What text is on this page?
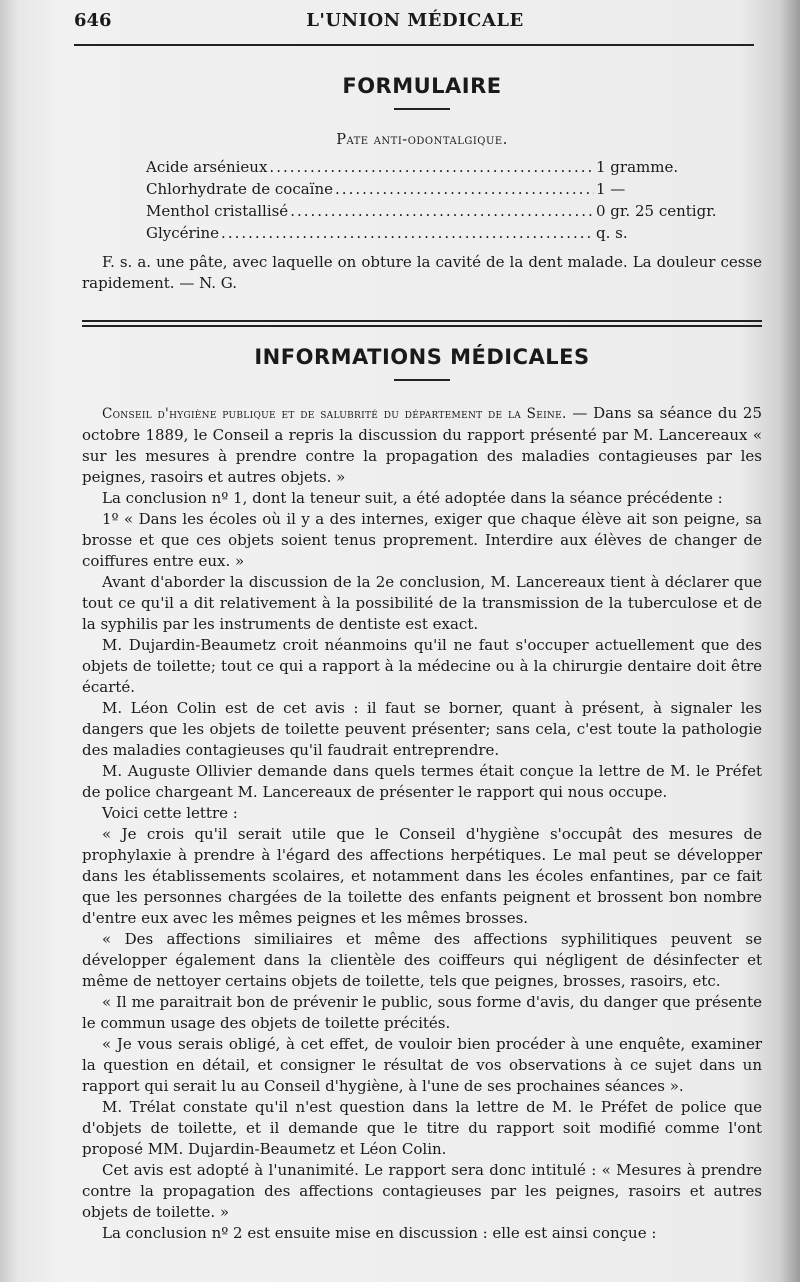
646	L'UNION MÉDICALE
FORMULAIRE
Pate anti-odontalgique.
Acide arsénieux .....	1 gramme.
Chlorhydrate de cocaïne .....	1 —
Menthol cristallisé .....	0 gr. 25 centigr.
Glycérine .....	q. s.

F. s. a. une pâte, avec laquelle on obture la cavité de la dent malade. La douleur cesse rapidement. — N. G.

INFORMATIONS MÉDICALES

Conseil d'hygiène publique et de salubrité du département de la Seine. — Dans sa séance du 25 octobre 1889, le Conseil a repris la discussion du rapport présenté par M. Lancereaux « sur les mesures à prendre contre la propagation des maladies contagieuses par les peignes, rasoirs et autres objets. »

La conclusion nº 1, dont la teneur suit, a été adoptée dans la séance précédente :

1º « Dans les écoles où il y a des internes, exiger que chaque élève ait son peigne, sa brosse et que ces objets soient tenus proprement. Interdire aux élèves de changer de coiffures entre eux. »

Avant d'aborder la discussion de la 2e conclusion, M. Lancereaux tient à déclarer que tout ce qu'il a dit relativement à la possibilité de la transmission de la tuberculose et de la syphilis par les instruments de dentiste est exact.

M. Dujardin-Beaumetz croit néanmoins qu'il ne faut s'occuper actuellement que des objets de toilette; tout ce qui a rapport à la médecine ou à la chirurgie dentaire doit être écarté.

M. Léon Colin est de cet avis : il faut se borner, quant à présent, à signaler les dangers que les objets de toilette peuvent présenter; sans cela, c'est toute la pathologie des maladies contagieuses qu'il faudrait entreprendre.

M. Auguste Ollivier demande dans quels termes était conçue la lettre de M. le Préfet de police chargeant M. Lancereaux de présenter le rapport qui nous occupe.

Voici cette lettre :

« Je crois qu'il serait utile que le Conseil d'hygiène s'occupât des mesures de prophylaxie à prendre à l'égard des affections herpétiques. Le mal peut se développer dans les établissements scolaires, et notamment dans les écoles enfantines, par ce fait que les personnes chargées de la toilette des enfants peignent et brossent bon nombre d'entre eux avec les mêmes peignes et les mêmes brosses.

« Des affections similiaires et même des affections syphilitiques peuvent se développer également dans la clientèle des coiffeurs qui négligent de désinfecter et même de nettoyer certains objets de toilette, tels que peignes, brosses, rasoirs, etc.

« Il me paraitrait bon de prévenir le public, sous forme d'avis, du danger que présente le commun usage des objets de toilette précités.

« Je vous serais obligé, à cet effet, de vouloir bien procéder à une enquête, examiner la question en détail, et consigner le résultat de vos observations à ce sujet dans un rapport qui serait lu au Conseil d'hygiène, à l'une de ses prochaines séances ».

M. Trélat constate qu'il n'est question dans la lettre de M. le Préfet de police que d'objets de toilette, et il demande que le titre du rapport soit modifié comme l'ont proposé MM. Dujardin-Beaumetz et Léon Colin.

Cet avis est adopté à l'unanimité. Le rapport sera donc intitulé : « Mesures à prendre contre la propagation des affections contagieuses par les peignes, rasoirs et autres objets de toilette. »

La conclusion nº 2 est ensuite mise en discussion : elle est ainsi conçue :
